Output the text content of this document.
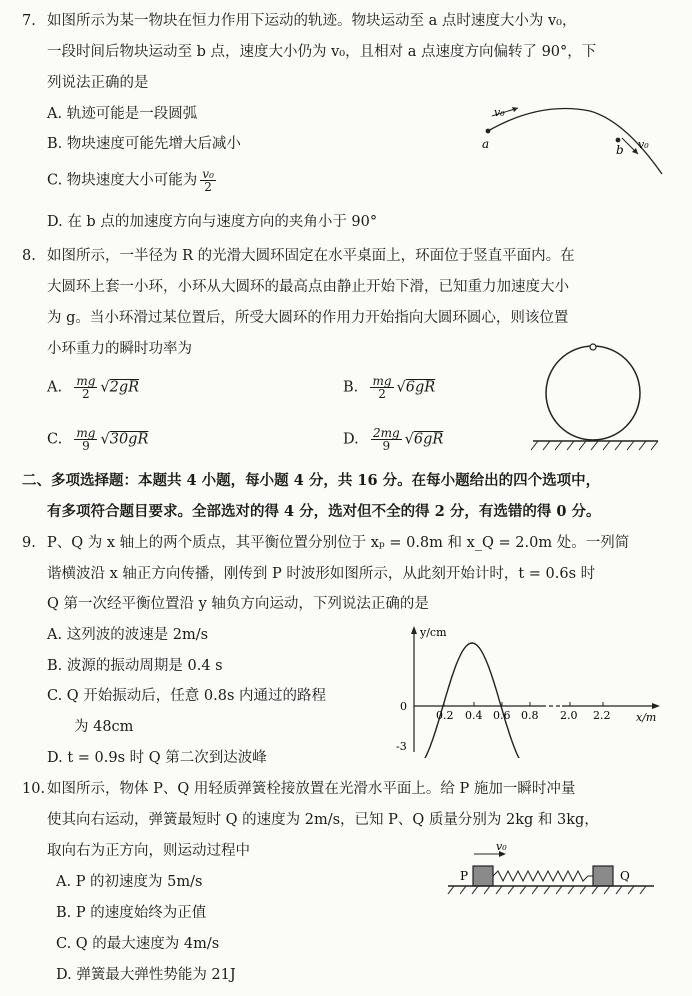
7. 如图所示为某一物块在恒力作用下运动的轨迹。物块运动至 a 点时速度大小为 v₀，
一段时间后物块运动至 b 点，速度大小仍为 v₀，且相对 a 点速度方向偏转了 90°，下
列说法正确的是
A. 轨迹可能是一段圆弧
B. 物块速度可能先增大后减小
C. 物块速度大小可能为 $\frac{\text{v₀}}{2}$
D. 在 b 点的加速度方向与速度方向的夹角小于 90°
v₀
a	b v₀
8. 如图所示，一半径为 R 的光滑大圆环固定在水平桌面上，环面位于竖直平面内。在
大圆环上套一小环，小环从大圆环的最高点由静止开始下滑，已知重力加速度大小
为 g。当小环滑过某位置后，所受大圆环的作用力开始指向大圆环圆心，则该位置
小环重力的瞬时功率为
A. $\frac{mg}{2} √2gR$	B. $\frac{mg}{2} √6gR$
C. $\frac{mg}{9} √30gR$	D. $\frac{2mg}{9} √6gR$
二、多项选择题：本题共 4 小题，每小题 4 分，共 16 分。在每小题给出的四个选项中，
有多项符合题目要求。全部选对的得 4 分，选对但不全的得 2 分，有选错的得 0 分。
9. P、Q 为 x 轴上的两个质点，其平衡位置分别位于 xₚ = 0.8m 和 x_Q = 2.0m 处。一列简
谐横波沿 x 轴正方向传播，刚传到 P 时波形如图所示，从此刻开始计时，t = 0.6s 时
Q 第一次经平衡位置沿 y 轴负方向运动，下列说法正确的是
A. 这列波的波速是 2m/s
B. 波源的振动周期是 0.4 s
C. Q 开始振动后，任意 0.8s 内通过的路程
为 48cm
D. t = 0.9s 时 Q 第二次到达波峰
y/cm
x/m
0
0.2 0.4 0.6 0.8 2.0 2.2
-3
10. 如图所示，物体 P、Q 用轻质弹簧栓接放置在光滑水平面上。给 P 施加一瞬时冲量
使其向右运动，弹簧最短时 Q 的速度为 2m/s，已知 P、Q 质量分别为 2kg 和 3kg，
取向右为正方向，则运动过程中
A. P 的初速度为 5m/s
B. P 的速度始终为正值
C. Q 的最大速度为 4m/s
D. 弹簧最大弹性势能为 21J
v₀
P	Q
